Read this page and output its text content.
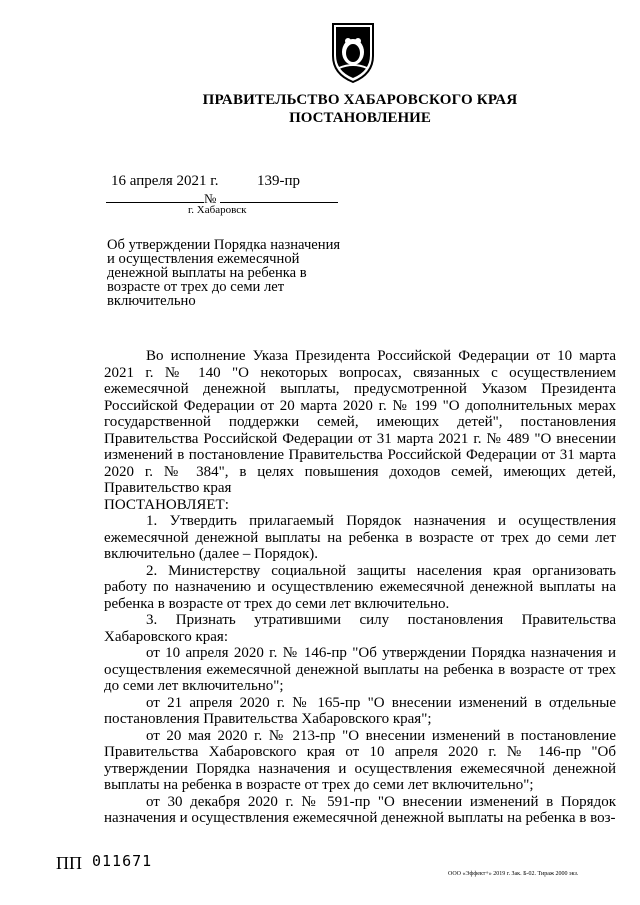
ПРАВИТЕЛЬСТВО ХАБАРОВСКОГО КРАЯ
ПОСТАНОВЛЕНИЕ
16 апреля 2021 г.	139-пр
№
г. Хабаровск
Об утверждении Порядка назначения и осуществления ежемесячной денежной выплаты на ребенка в возрасте от трех до семи лет включительно

Во исполнение Указа Президента Российской Федерации от 10 марта 2021 г. № 140 "О некоторых вопросах, связанных с осуществлением ежемесячной денежной выплаты, предусмотренной Указом Президента Российской Федерации от 20 марта 2020 г. № 199 "О дополнительных мерах государственной поддержки семей, имеющих детей", постановления Правительства Российской Федерации от 31 марта 2021 г. № 489 "О внесении изменений в постановление Правительства Российской Федерации от 31 марта 2020 г. № 384", в целях повышения доходов семей, имеющих детей, Правительство края

ПОСТАНОВЛЯЕТ:

1. Утвердить прилагаемый Порядок назначения и осуществления ежемесячной денежной выплаты на ребенка в возрасте от трех до семи лет включительно (далее – Порядок).

2. Министерству социальной защиты населения края организовать работу по назначению и осуществлению ежемесячной денежной выплаты на ребенка в возрасте от трех до семи лет включительно.

3. Признать утратившими силу постановления Правительства Хабаровского края:

от 10 апреля 2020 г. № 146-пр "Об утверждении Порядка назначения и осуществления ежемесячной денежной выплаты на ребенка в возрасте от трех до семи лет включительно";

от 21 апреля 2020 г. № 165-пр "О внесении изменений в отдельные постановления Правительства Хабаровского края";

от 20 мая 2020 г. № 213-пр "О внесении изменений в постановление Правительства Хабаровского края от 10 апреля 2020 г. № 146-пр "Об утверждении Порядка назначения и осуществления ежемесячной денежной выплаты на ребенка в возрасте от трех до семи лет включительно";

от 30 декабря 2020 г. № 591-пр "О внесении изменений в Порядок назначения и осуществления ежемесячной денежной выплаты на ребенка в воз-

ПП 011671
ООО «Эффект+» 2019 г. Зак. Б-02. Тираж 2000 экз.
